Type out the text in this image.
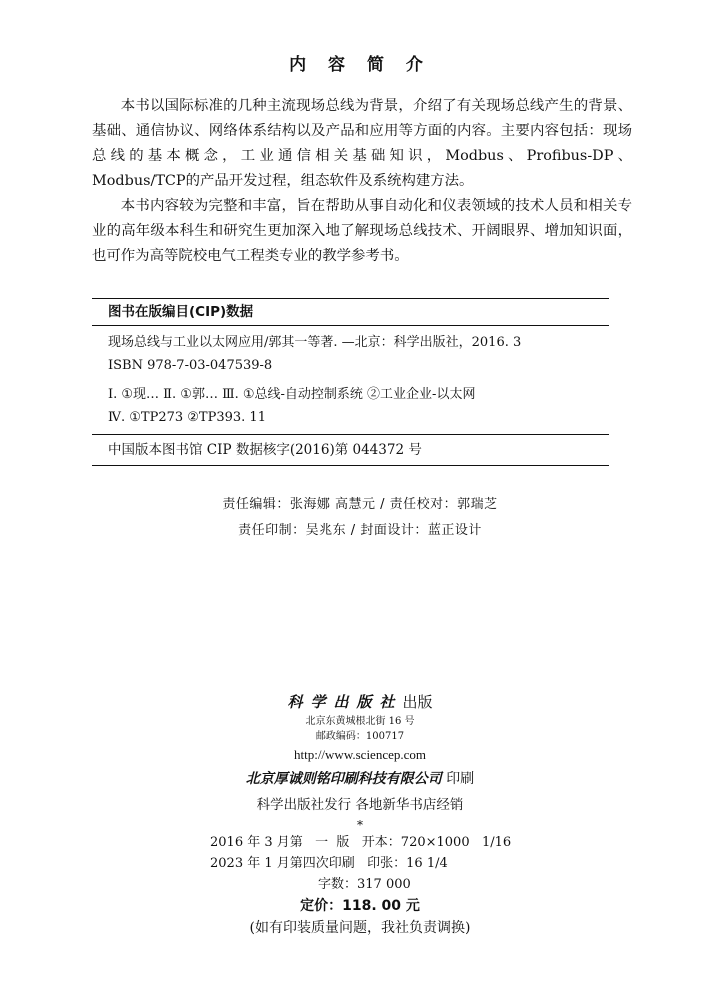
内 容 简 介

本书以国际标准的几种主流现场总线为背景，介绍了有关现场总线产生的背景、基础、通信协议、网络体系结构以及产品和应用等方面的内容。主要内容包括：现场总线的基本概念，工业通信相关基础知识，Modbus、Profibus-DP、Modbus/TCP的产品开发过程，组态软件及系统构建方法。

本书内容较为完整和丰富，旨在帮助从事自动化和仪表领域的技术人员和相关专业的高年级本科生和研究生更加深入地了解现场总线技术、开阔眼界、增加知识面，也可作为高等院校电气工程类专业的教学参考书。

图书在版编目(CIP)数据
现场总线与工业以太网应用/郭其一等著. —北京：科学出版社，2016. 3
ISBN 978-7-03-047539-8
Ⅰ. ①现… Ⅱ. ①郭… Ⅲ. ①总线-自动控制系统 ②工业企业-以太网
Ⅳ. ①TP273 ②TP393. 11
中国版本图书馆 CIP 数据核字(2016)第 044372 号
责任编辑：张海娜 高慧元 / 责任校对：郭瑞芝
责任印制：吴兆东 / 封面设计：蓝正设计
科学出版社出版
北京东黄城根北街 16 号
邮政编码：100717
http://www.sciencep.com
北京厚诚则铭印刷科技有限公司 印刷
科学出版社发行 各地新华书店经销
*
2016 年 3 月第   一  版   开本：720×1000   1/16
2023 年 1 月第四次印刷   印张：16 1/4
字数：317 000
定价：118. 00 元
(如有印装质量问题，我社负责调换)
